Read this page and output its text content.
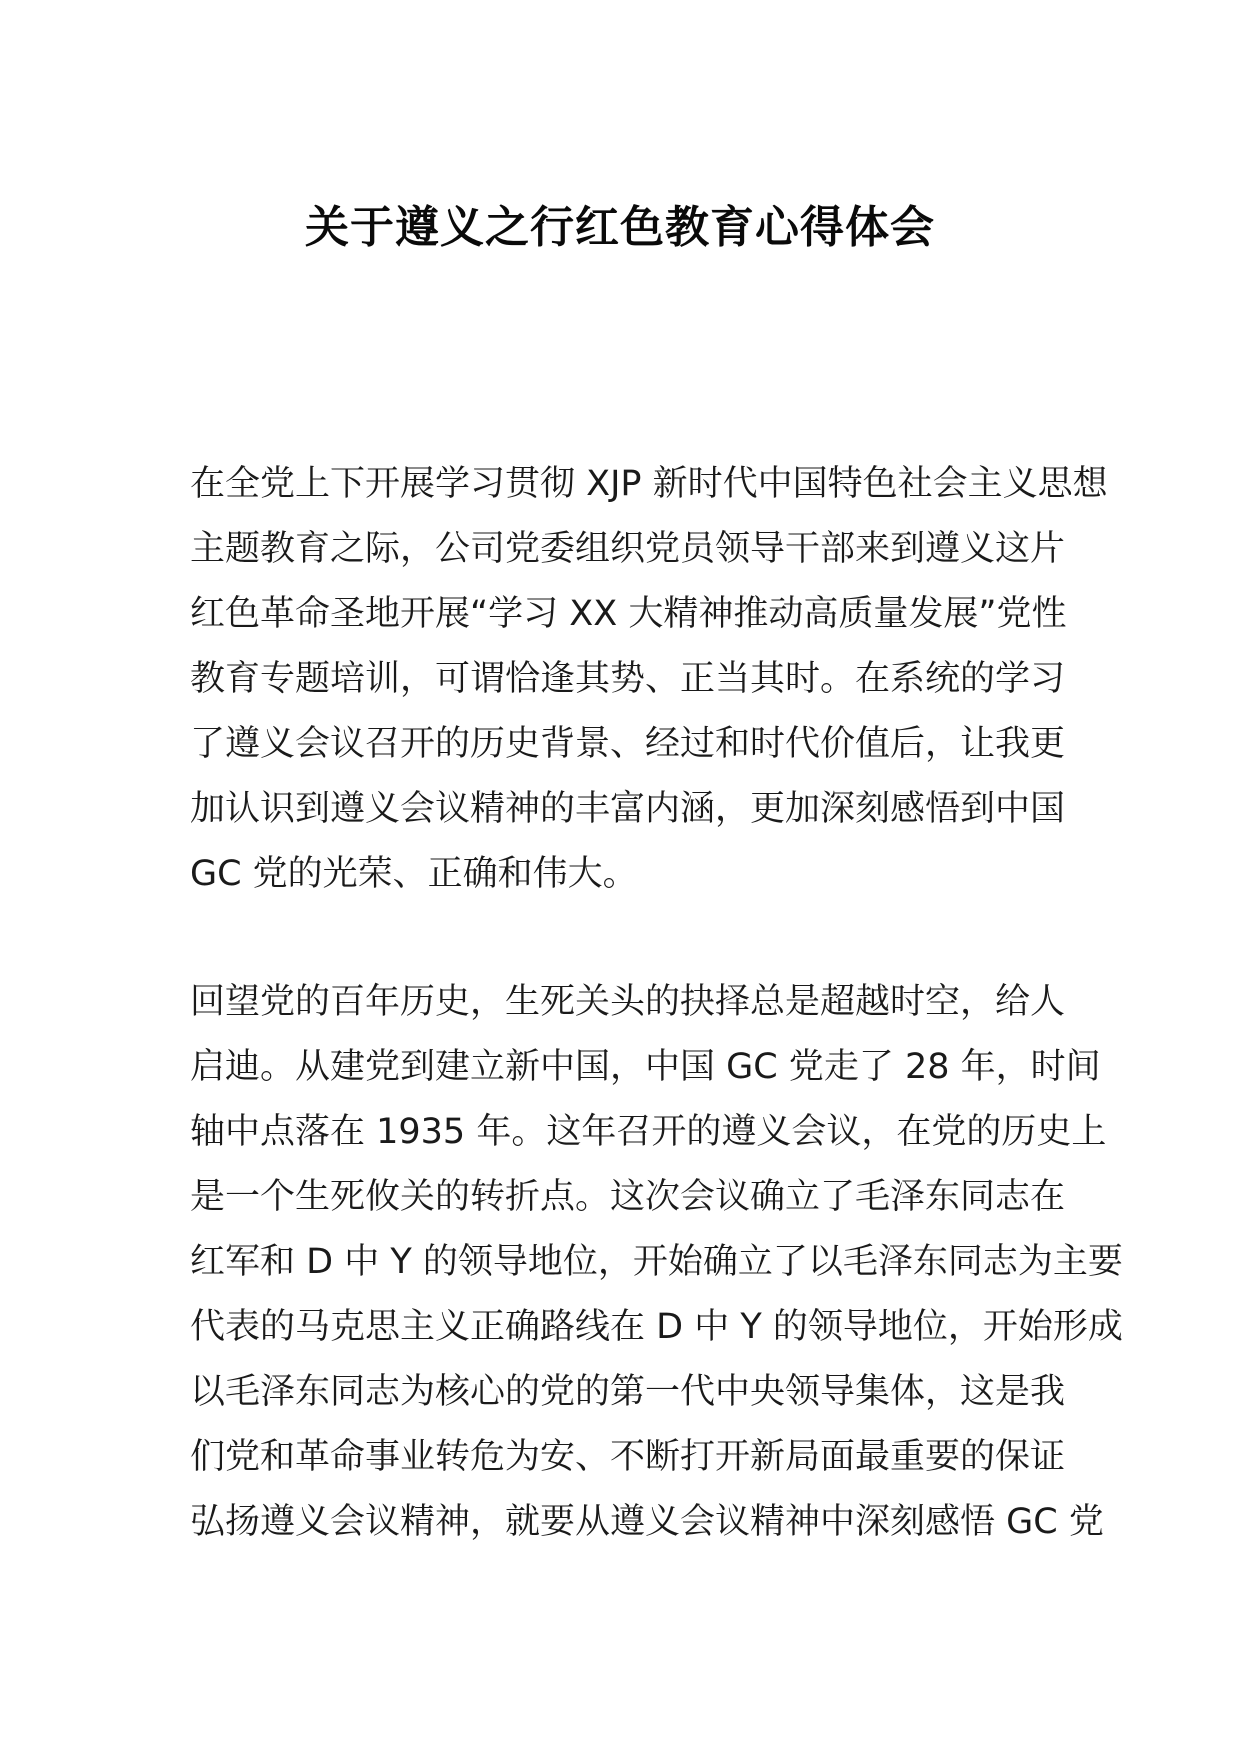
关于遵义之行红色教育心得体会
在全党上下开展学习贯彻 XJP 新时代中国特色社会主义思想
主题教育之际，公司党委组织党员领导干部来到遵义这片
红色革命圣地开展“学习 XX 大精神推动高质量发展”党性
教育专题培训，可谓恰逢其势、正当其时。在系统的学习
了遵义会议召开的历史背景、经过和时代价值后，让我更
加认识到遵义会议精神的丰富内涵，更加深刻感悟到中国
GC 党的光荣、正确和伟大。
回望党的百年历史，生死关头的抉择总是超越时空，给人
启迪。从建党到建立新中国，中国 GC 党走了 28 年，时间
轴中点落在 1935 年。这年召开的遵义会议，在党的历史上
是一个生死攸关的转折点。这次会议确立了毛泽东同志在
红军和 D 中 Y 的领导地位，开始确立了以毛泽东同志为主要
代表的马克思主义正确路线在 D 中 Y 的领导地位，开始形成
以毛泽东同志为核心的党的第一代中央领导集体，这是我
们党和革命事业转危为安、不断打开新局面最重要的保证
弘扬遵义会议精神，就要从遵义会议精神中深刻感悟 GC 党
